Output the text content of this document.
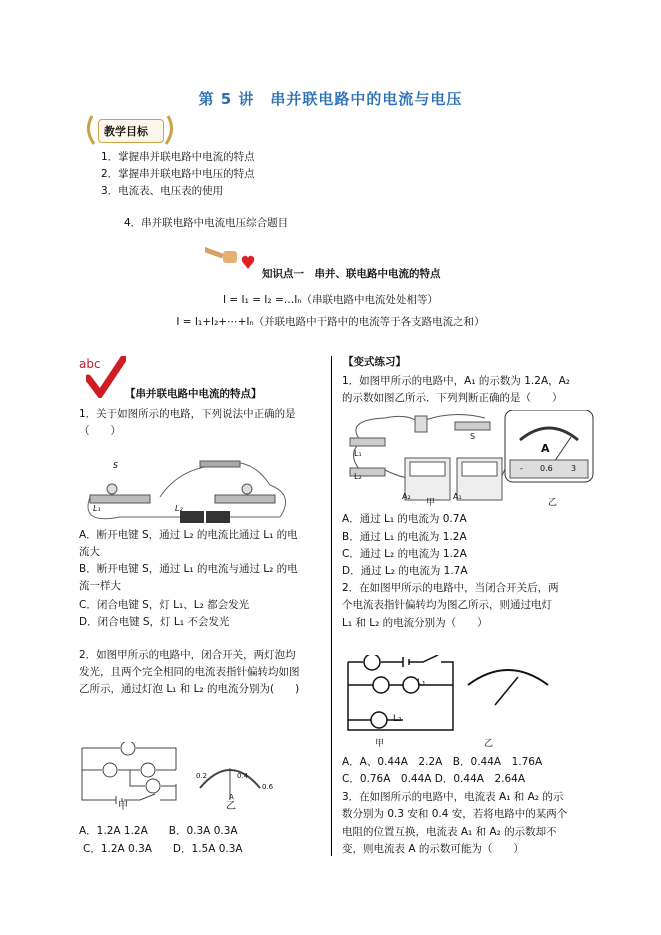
第 5 讲　串并联电路中的电流与电压
教学目标
1．掌握串并联电路中电流的特点
2．掌握串并联电路中电压的特点
3．电流表、电压表的使用
4．串并联电路中电流电压综合题目
知识点一　串并、联电路中电流的特点
I = I₁ = I₂ =…Iₙ（串联电路中电流处处相等）
I = I₁+I₂+⋯+Iₙ（并联电路中干路中的电流等于各支路电流之和）
abc
【串并联电路中电流的特点】
1．关于如图所示的电路，下列说法中正确的是
（　　）
S
L₁	L₂
A．断开电键 S，通过 L₂ 的电流比通过 L₁ 的电
流大
B．断开电键 S，通过 L₁ 的电流与通过 L₂ 的电
流一样大
C．闭合电键 S，灯 L₁、L₂ 都会发光
D．闭合电键 S，灯 L₁ 不会发光
2．如图甲所示的电路中，闭合开关，两灯泡均
发光，且两个完全相同的电流表指针偏转均如图
乙所示，通过灯泡 L₁ 和 L₂ 的电流分别为(　　)
甲	乙
0.2	0.4
0.6
A
A．1.2A 1.2A　　B．0.3A 0.3A
C．1.2A 0.3A　　D．1.5A 0.3A
【变式练习】
1．如图甲所示的电路中，A₁ 的示数为 1.2A，A₂
的示数如图乙所示．下列判断正确的是（　　）
A
- 0.6 3
A₂	A₁
甲	乙
L₂
L₁
S
A．通过 L₁ 的电流为 0.7A
B．通过 L₁ 的电流为 1.2A
C．通过 L₂ 的电流为 1.2A
D．通过 L₂ 的电流为 1.7A
2．在如图甲所示的电路中，当闭合开关后，两
个电流表指针偏转均为图乙所示，则通过电灯
L₁ 和 L₂ 的电流分别为（　　）
甲	乙
L₁
L₂
A．A、0.44A　2.2A　B．0.44A　1.76A
C．0.76A　0.44A D．0.44A　2.64A
3．在如图所示的电路中，电流表 A₁ 和 A₂ 的示
数分别为 0.3 安和 0.4 安，若将电路中的某两个
电阻的位置互换，电流表 A₁ 和 A₂ 的示数却不
变，则电流表 A 的示数可能为（　　）
